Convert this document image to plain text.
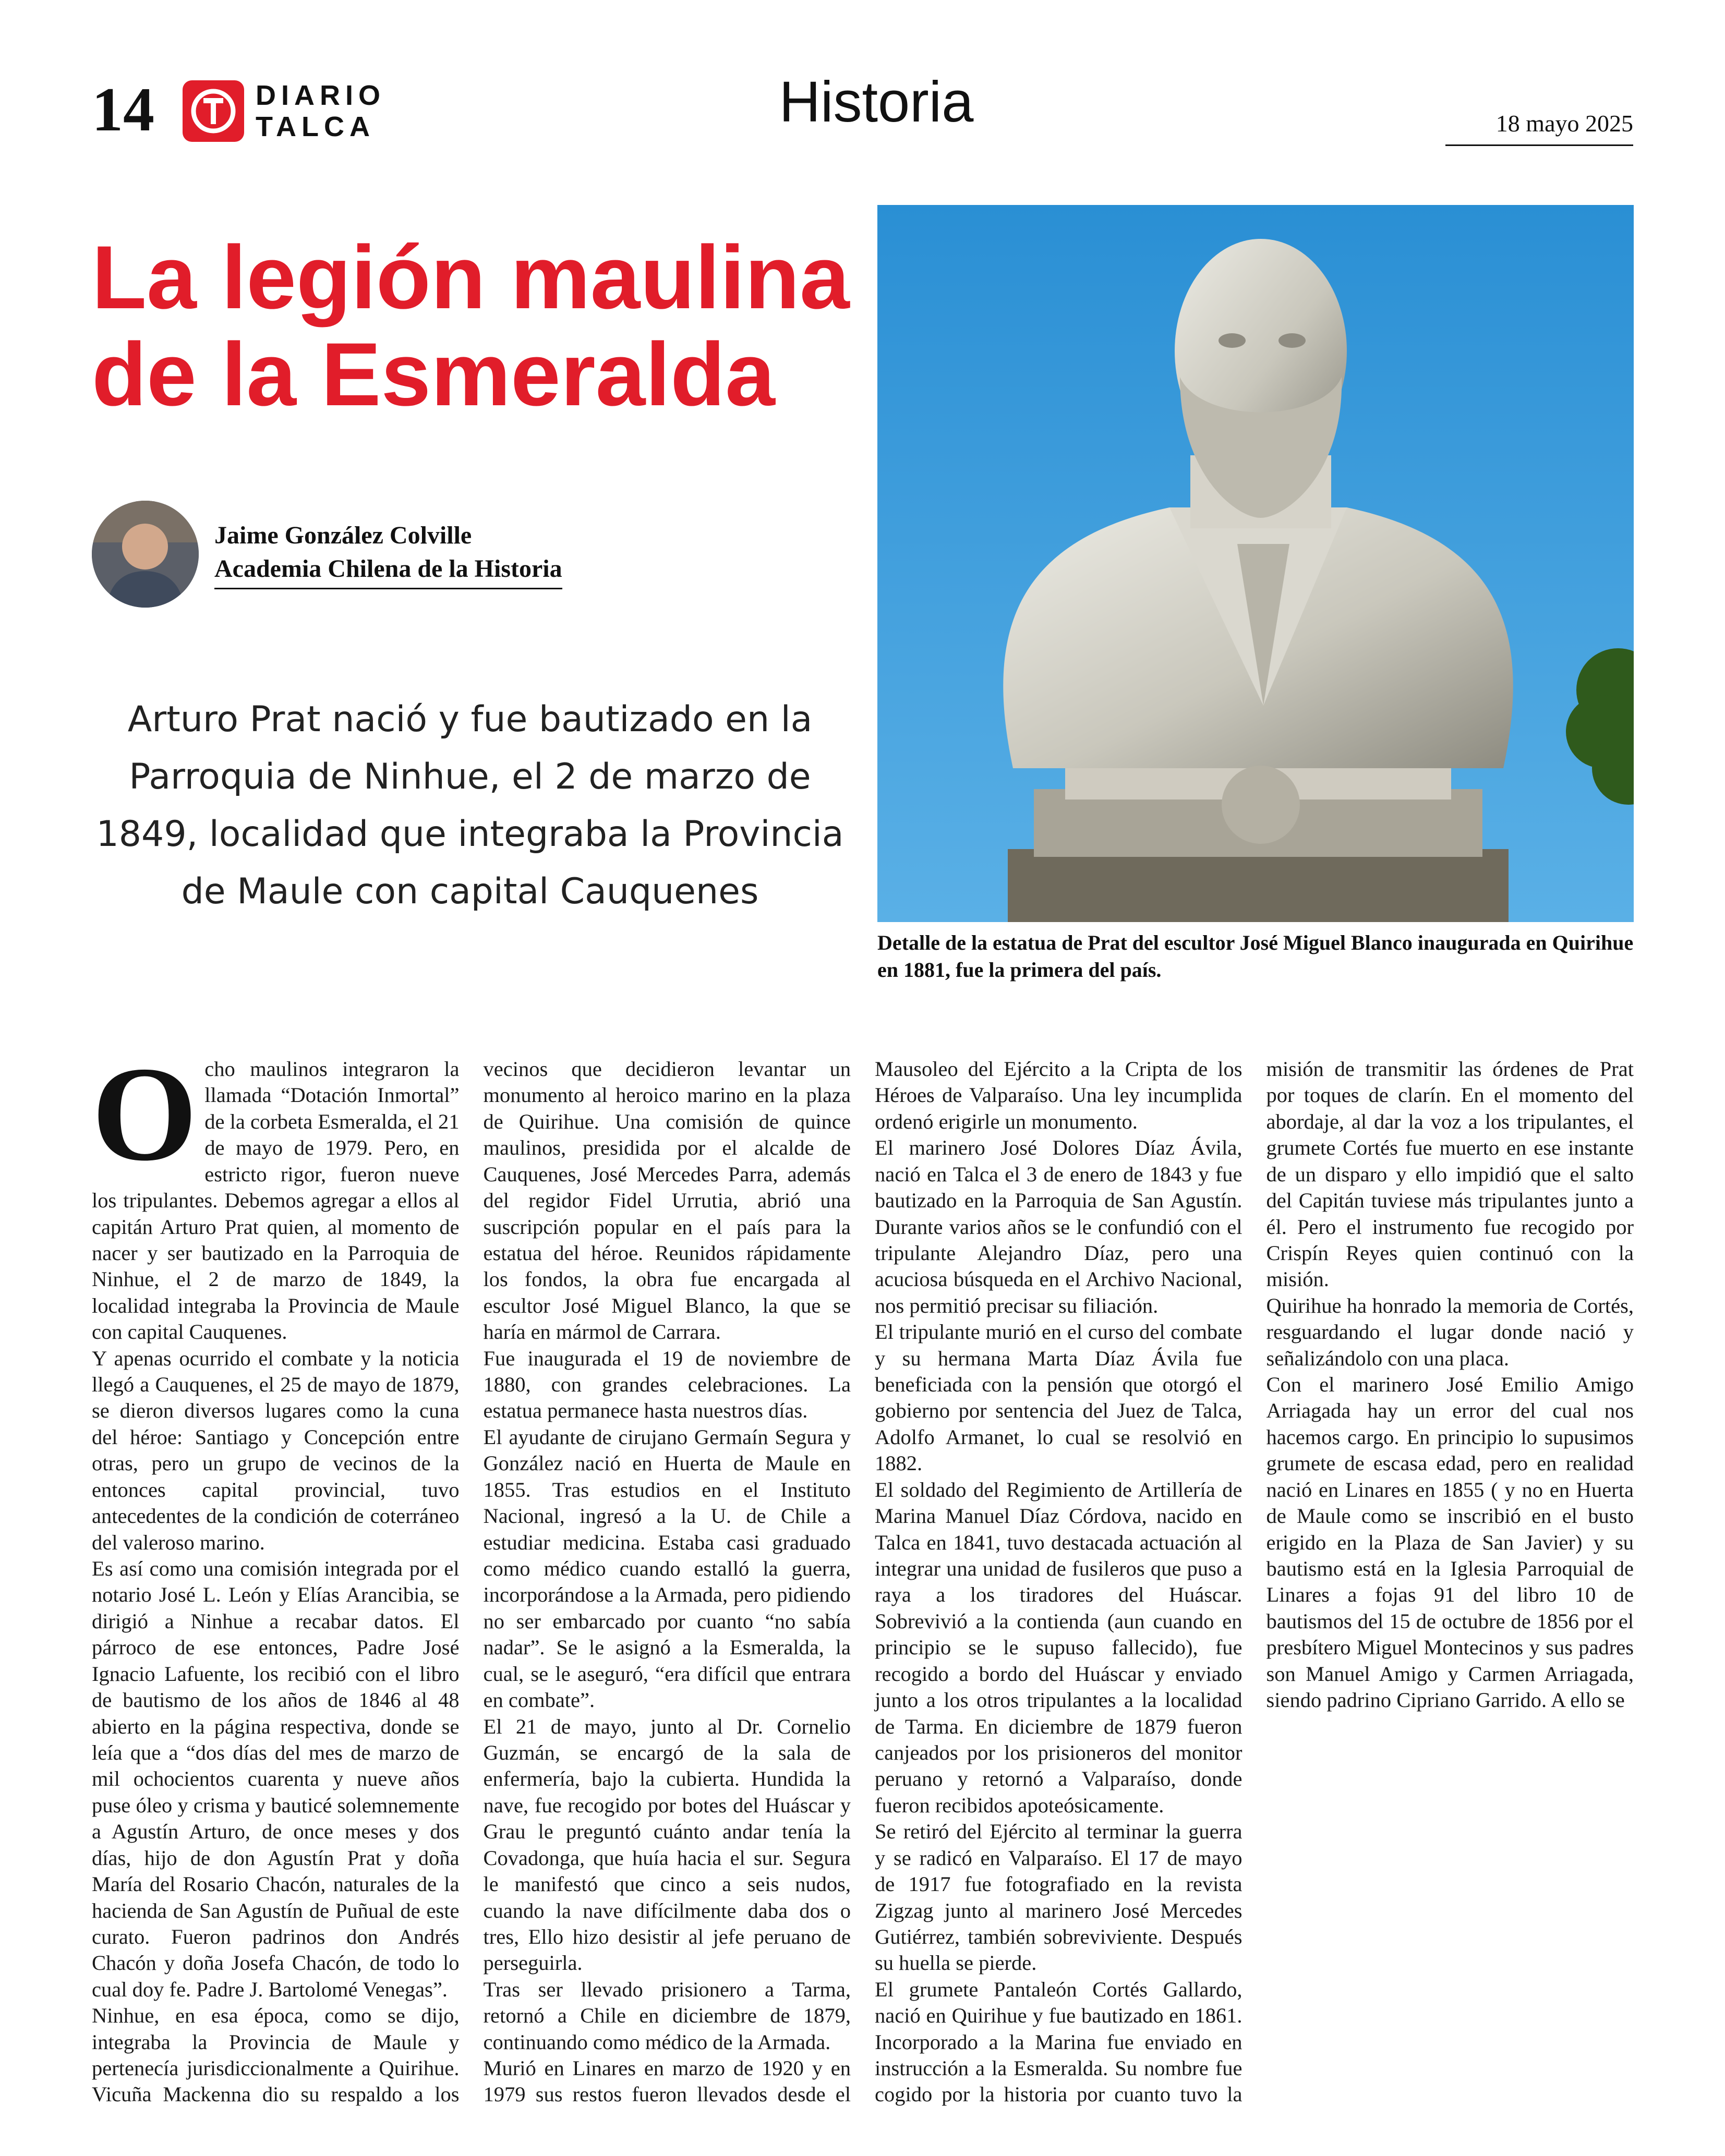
14	DIARIO
TALCA	Historia	18 mayo 2025
La legión maulina
de la Esmeralda

Detalle de la estatua de Prat del escultor José Miguel Blanco inaugurada en Quirihue en 1881, fue la primera del país.

Jaime González Colville
Academia Chilena de la Historia

Arturo Prat nació y fue bautizado en la Parroquia de Ninhue, el 2 de marzo de 1849, localidad que integraba la Provincia de Maule con capital Cauquenes

Ocho maulinos integraron la llamada “Dotación Inmortal” de la corbeta Esmeralda, el 21 de mayo de 1979. Pero, en estricto rigor, fueron nueve los tripulantes. Debemos agregar a ellos al capitán Arturo Prat quien, al momento de nacer y ser bautizado en la Parroquia de Ninhue, el 2 de marzo de 1849, la localidad integraba la Provincia de Maule con capital Cauquenes.

Y apenas ocurrido el combate y la noticia llegó a Cauquenes, el 25 de mayo de 1879, se dieron diversos lugares como la cuna del héroe: Santiago y Concepción entre otras, pero un grupo de vecinos de la entonces capital provincial, tuvo antecedentes de la condición de coterráneo del valeroso marino.

Es así como una comisión integrada por el notario José L. León y Elías Arancibia, se dirigió a Ninhue a recabar datos. El párroco de ese entonces, Padre José Ignacio Lafuente, los recibió con el libro de bautismo de los años de 1846 al 48 abierto en la página respectiva, donde se leía que a “dos días del mes de marzo de mil ochocientos cuarenta y nueve años puse óleo y crisma y bauticé solemnemente a Agustín Arturo, de once meses y dos días, hijo de don Agustín Prat y doña María del Rosario Chacón, naturales de la hacienda de San Agustín de Puñual de este curato. Fueron padrinos don Andrés Chacón y doña Josefa Chacón, de todo lo cual doy fe. Padre J. Bartolomé Venegas”.

Ninhue, en esa época, como se dijo, integraba la Provincia de Maule y pertenecía jurisdiccionalmente a Quirihue. Vicuña Mackenna dio su respaldo a los vecinos que decidieron levantar un monumento al heroico marino en la plaza de Quirihue. Una comisión de quince maulinos, presidida por el alcalde de Cauquenes, José Mercedes Parra, además del regidor Fidel Urrutia, abrió una suscripción popular en el país para la estatua del héroe. Reunidos rápidamente los fondos, la obra fue encargada al escultor José Miguel Blanco, la que se haría en mármol de Carrara.

Fue inaugurada el 19 de noviembre de 1880, con grandes celebraciones. La estatua permanece hasta nuestros días.

El ayudante de cirujano Germaín Segura y González nació en Huerta de Maule en 1855. Tras estudios en el Instituto Nacional, ingresó a la U. de Chile a estudiar medicina. Estaba casi graduado como médico cuando estalló la guerra, incorporándose a la Armada, pero pidiendo no ser embarcado por cuanto “no sabía nadar”. Se le asignó a la Esmeralda, la cual, se le aseguró, “era difícil que entrara en combate”.

El 21 de mayo, junto al Dr. Cornelio Guzmán, se encargó de la sala de enfermería, bajo la cubierta. Hundida la nave, fue recogido por botes del Huáscar y Grau le preguntó cuánto andar tenía la Covadonga, que huía hacia el sur. Segura le manifestó que cinco a seis nudos, cuando la nave difícilmente daba dos o tres, Ello hizo desistir al jefe peruano de perseguirla.

Tras ser llevado prisionero a Tarma, retornó a Chile en diciembre de 1879, continuando como médico de la Armada.

Murió en Linares en marzo de 1920 y en 1979 sus restos fueron llevados desde el Mausoleo del Ejército a la Cripta de los Héroes de Valparaíso. Una ley incumplida ordenó erigirle un monumento.

El marinero José Dolores Díaz Ávila, nació en Talca el 3 de enero de 1843 y fue bautizado en la Parroquia de San Agustín. Durante varios años se le confundió con el tripulante Alejandro Díaz, pero una acuciosa búsqueda en el Archivo Nacional, nos permitió precisar su filiación.

El tripulante murió en el curso del combate y su hermana Marta Díaz Ávila fue beneficiada con la pensión que otorgó el gobierno por sentencia del Juez de Talca, Adolfo Armanet, lo cual se resolvió en 1882.

El soldado del Regimiento de Artillería de Marina Manuel Díaz Córdova, nacido en Talca en 1841, tuvo destacada actuación al integrar una unidad de fusileros que puso a raya a los tiradores del Huáscar. Sobrevivió a la contienda (aun cuando en principio se le supuso fallecido), fue recogido a bordo del Huáscar y enviado junto a los otros tripulantes a la localidad de Tarma. En diciembre de 1879 fueron canjeados por los prisioneros del monitor peruano y retornó a Valparaíso, donde fueron recibidos apoteósicamente.

Se retiró del Ejército al terminar la guerra y se radicó en Valparaíso. El 17 de mayo de 1917 fue fotografiado en la revista Zigzag junto al marinero José Mercedes Gutiérrez, también sobreviviente. Después su huella se pierde.

El grumete Pantaleón Cortés Gallardo, nació en Quirihue y fue bautizado en 1861. Incorporado a la Marina fue enviado en instrucción a la Esmeralda. Su nombre fue cogido por la historia por cuanto tuvo la misión de transmitir las órdenes de Prat por toques de clarín. En el momento del abordaje, al dar la voz a los tripulantes, el grumete Cortés fue muerto en ese instante de un disparo y ello impidió que el salto del Capitán tuviese más tripulantes junto a él. Pero el instrumento fue recogido por Crispín Reyes quien continuó con la misión.

Quirihue ha honrado la memoria de Cortés, resguardando el lugar donde nació y señalizándolo con una placa.

Con el marinero José Emilio Amigo Arriagada hay un error del cual nos hacemos cargo. En principio lo supusimos grumete de escasa edad, pero en realidad nació en Linares en 1855 ( y no en Huerta de Maule como se inscribió en el busto erigido en la Plaza de San Javier) y su bautismo está en la Iglesia Parroquial de Linares a fojas 91 del libro 10 de bautismos del 15 de octubre de 1856 por el presbítero Miguel Montecinos y sus padres son Manuel Amigo y Carmen Arriagada, siendo padrino Cipriano Garrido. A ello se
